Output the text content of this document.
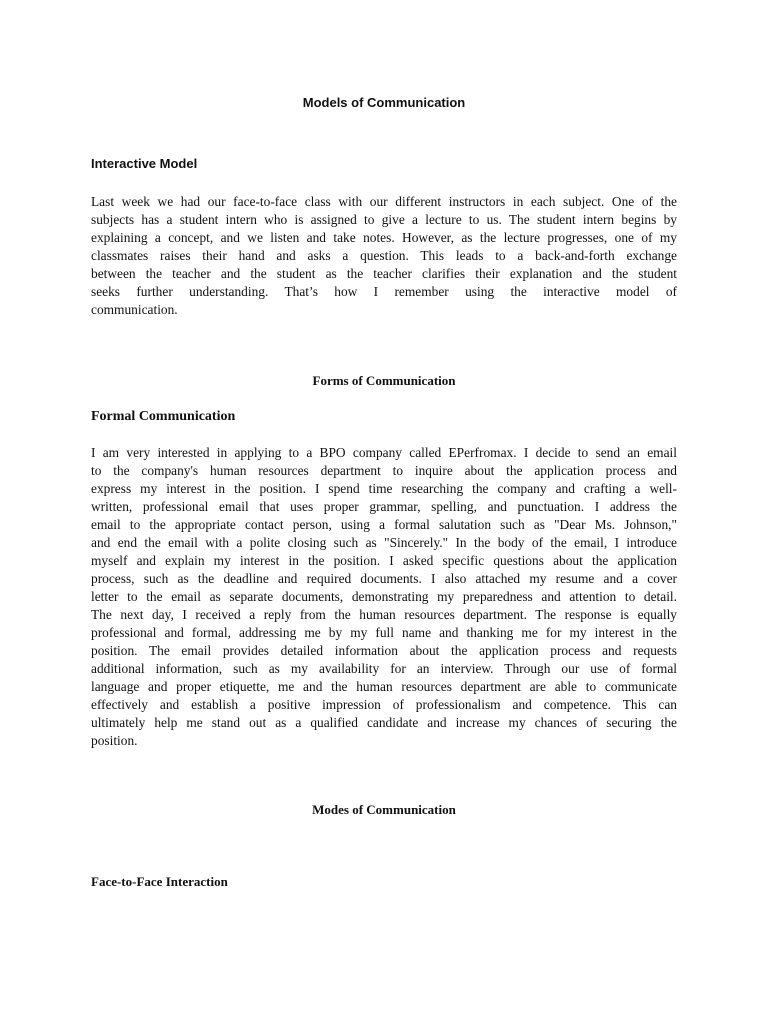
Models of Communication
Interactive Model
Last week we had our face-to-face class with our different instructors in each subject. One of the
subjects has a student intern who is assigned to give a lecture to us. The student intern begins by
explaining a concept, and we listen and take notes. However, as the lecture progresses, one of my
classmates raises their hand and asks a question. This leads to a back-and-forth exchange
between the teacher and the student as the teacher clarifies their explanation and the student
seeks further understanding. That’s how I remember using the interactive model of
communication.
Forms of Communication
Formal Communication
I am very interested in applying to a BPO company called EPerfromax. I decide to send an email
to the company's human resources department to inquire about the application process and
express my interest in the position. I spend time researching the company and crafting a well-
written, professional email that uses proper grammar, spelling, and punctuation. I address the
email to the appropriate contact person, using a formal salutation such as "Dear Ms. Johnson,"
and end the email with a polite closing such as "Sincerely." In the body of the email, I introduce
myself and explain my interest in the position. I asked specific questions about the application
process, such as the deadline and required documents. I also attached my resume and a cover
letter to the email as separate documents, demonstrating my preparedness and attention to detail.
The next day, I received a reply from the human resources department. The response is equally
professional and formal, addressing me by my full name and thanking me for my interest in the
position. The email provides detailed information about the application process and requests
additional information, such as my availability for an interview. Through our use of formal
language and proper etiquette, me and the human resources department are able to communicate
effectively and establish a positive impression of professionalism and competence. This can
ultimately help me stand out as a qualified candidate and increase my chances of securing the
position.
Modes of Communication
Face-to-Face Interaction
